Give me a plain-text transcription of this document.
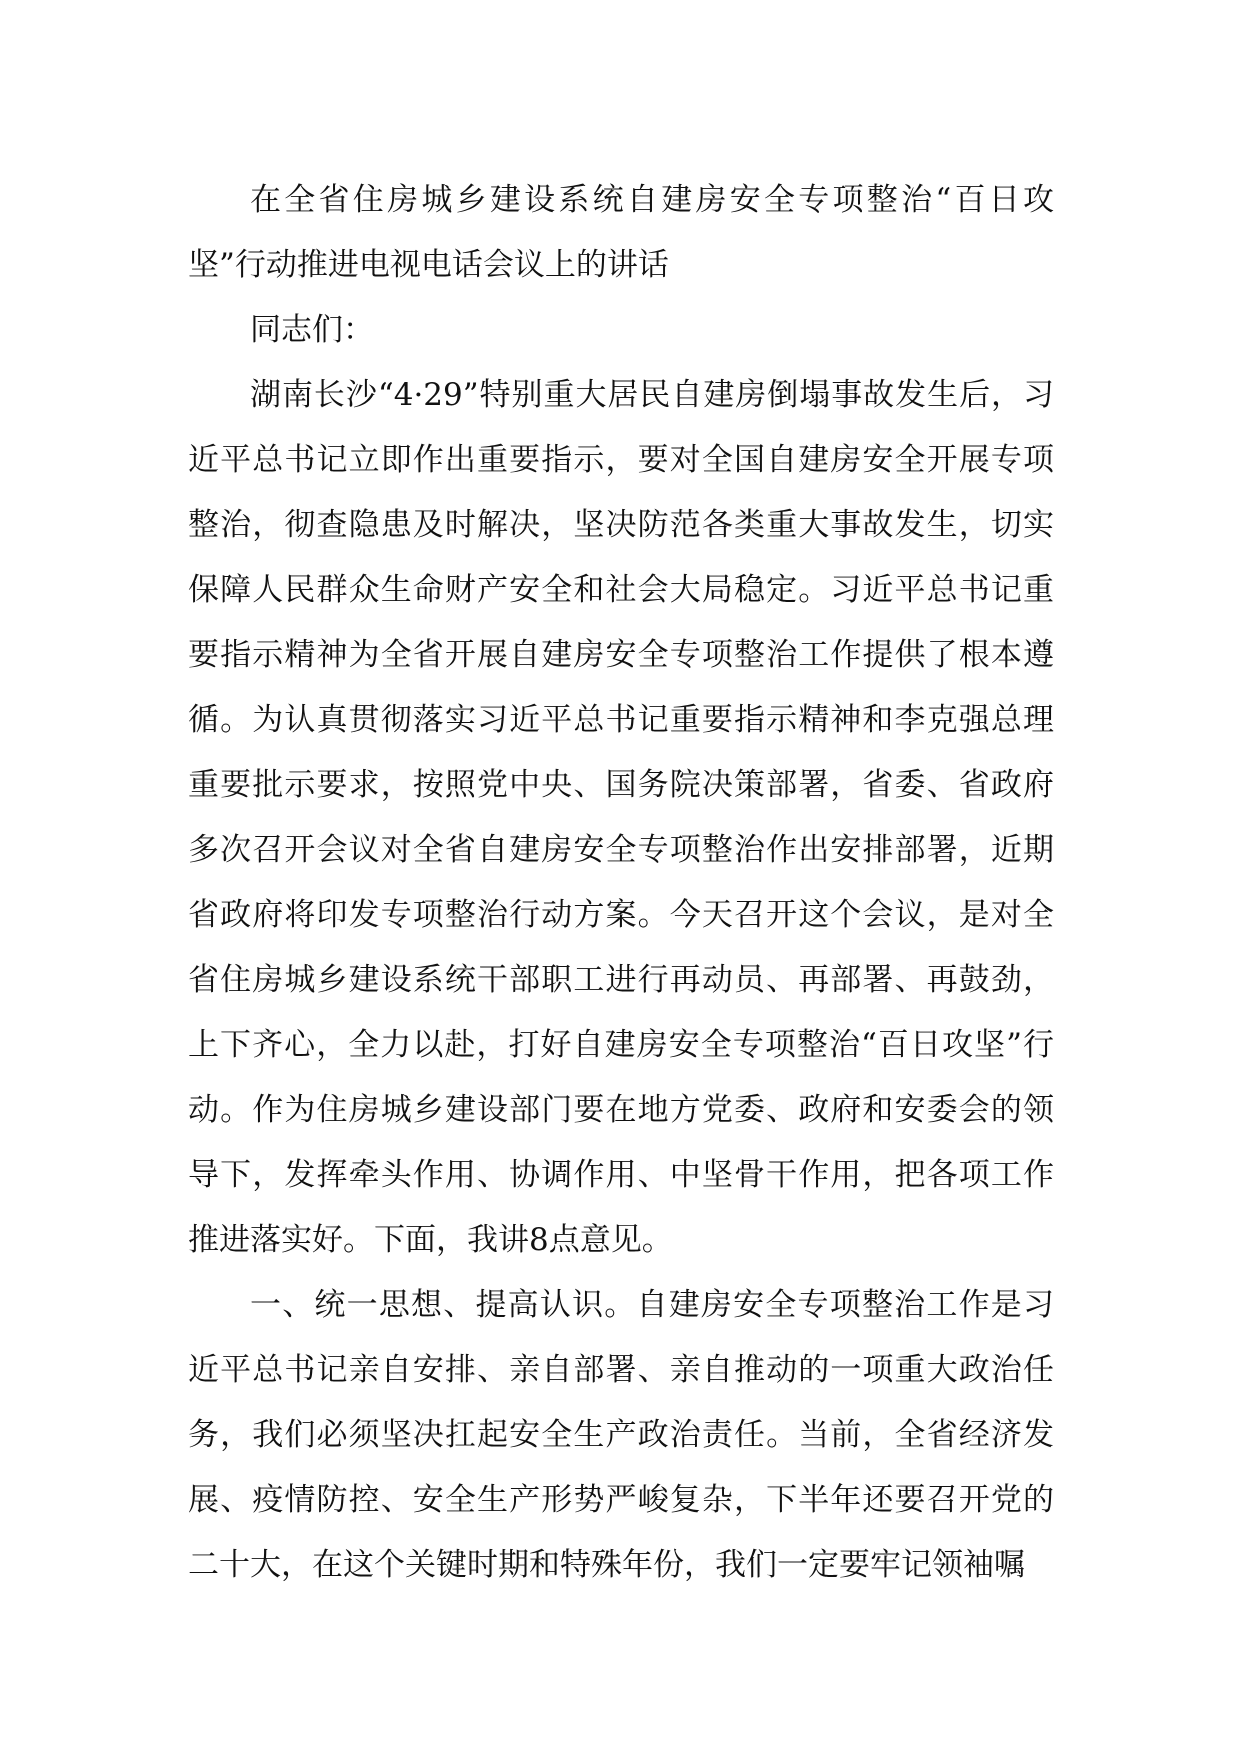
在全省住房城乡建设系统自建房安全专项整治“百日攻坚”行动推进电视电话会议上的讲话

同志们：

湖南长沙“4·29”特别重大居民自建房倒塌事故发生后，习近平总书记立即作出重要指示，要对全国自建房安全开展专项整治，彻查隐患及时解决，坚决防范各类重大事故发生，切实保障人民群众生命财产安全和社会大局稳定。习近平总书记重要指示精神为全省开展自建房安全专项整治工作提供了根本遵循。为认真贯彻落实习近平总书记重要指示精神和李克强总理重要批示要求，按照党中央、国务院决策部署，省委、省政府多次召开会议对全省自建房安全专项整治作出安排部署，近期省政府将印发专项整治行动方案。今天召开这个会议，是对全省住房城乡建设系统干部职工进行再动员、再部署、再鼓劲，上下齐心，全力以赴，打好自建房安全专项整治“百日攻坚”行动。作为住房城乡建设部门要在地方党委、政府和安委会的领导下，发挥牵头作用、协调作用、中坚骨干作用，把各项工作推进落实好。下面，我讲8点意见。

一、统一思想、提高认识。自建房安全专项整治工作是习近平总书记亲自安排、亲自部署、亲自推动的一项重大政治任务，我们必须坚决扛起安全生产政治责任。当前，全省经济发展、疫情防控、安全生产形势严峻复杂，下半年还要召开党的二十大，在这个关键时期和特殊年份，我们一定要牢记领袖嘱
